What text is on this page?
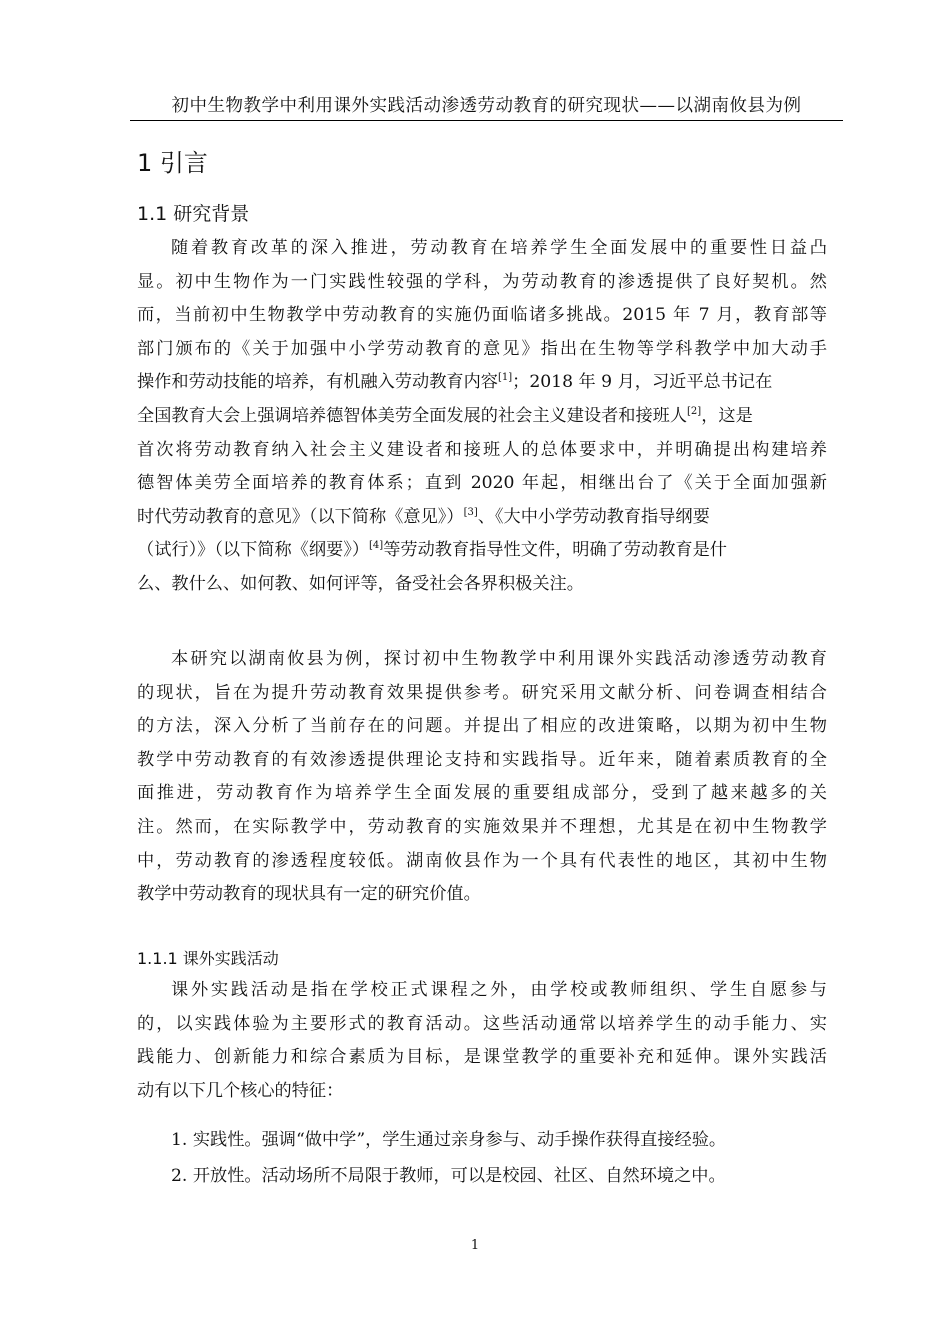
初中生物教学中利用课外实践活动渗透劳动教育的研究现状——以湖南攸县为例
1 引言
1.1 研究背景
随着教育改革的深入推进，劳动教育在培养学生全面发展中的重要性日益凸
显。初中生物作为一门实践性较强的学科，为劳动教育的渗透提供了良好契机。然
而，当前初中生物教学中劳动教育的实施仍面临诸多挑战。2015 年 7 月，教育部等
部门颁布的《关于加强中小学劳动教育的意见》指出在生物等学科教学中加大动手
操作和劳动技能的培养，有机融入劳动教育内容[1]；2018 年 9 月，习近平总书记在
全国教育大会上强调培养德智体美劳全面发展的社会主义建设者和接班人[2]，这是
首次将劳动教育纳入社会主义建设者和接班人的总体要求中，并明确提出构建培养
德智体美劳全面培养的教育体系；直到 2020 年起，相继出台了《关于全面加强新
时代劳动教育的意见》（以下简称《意见》）[3]、《大中小学劳动教育指导纲要
（试行）》（以下简称《纲要》）[4]等劳动教育指导性文件，明确了劳动教育是什
么、教什么、如何教、如何评等，备受社会各界积极关注。
本研究以湖南攸县为例，探讨初中生物教学中利用课外实践活动渗透劳动教育
的现状，旨在为提升劳动教育效果提供参考。研究采用文献分析、问卷调查相结合
的方法，深入分析了当前存在的问题。并提出了相应的改进策略，以期为初中生物
教学中劳动教育的有效渗透提供理论支持和实践指导。近年来，随着素质教育的全
面推进，劳动教育作为培养学生全面发展的重要组成部分，受到了越来越多的关
注。然而，在实际教学中，劳动教育的实施效果并不理想，尤其是在初中生物教学
中，劳动教育的渗透程度较低。湖南攸县作为一个具有代表性的地区，其初中生物
教学中劳动教育的现状具有一定的研究价值。
1.1.1 课外实践活动
课外实践活动是指在学校正式课程之外，由学校或教师组织、学生自愿参与
的，以实践体验为主要形式的教育活动。这些活动通常以培养学生的动手能力、实
践能力、创新能力和综合素质为目标，是课堂教学的重要补充和延伸。课外实践活
动有以下几个核心的特征：
1. 实践性。强调“做中学”，学生通过亲身参与、动手操作获得直接经验。
2. 开放性。活动场所不局限于教师，可以是校园、社区、自然环境之中。
1
